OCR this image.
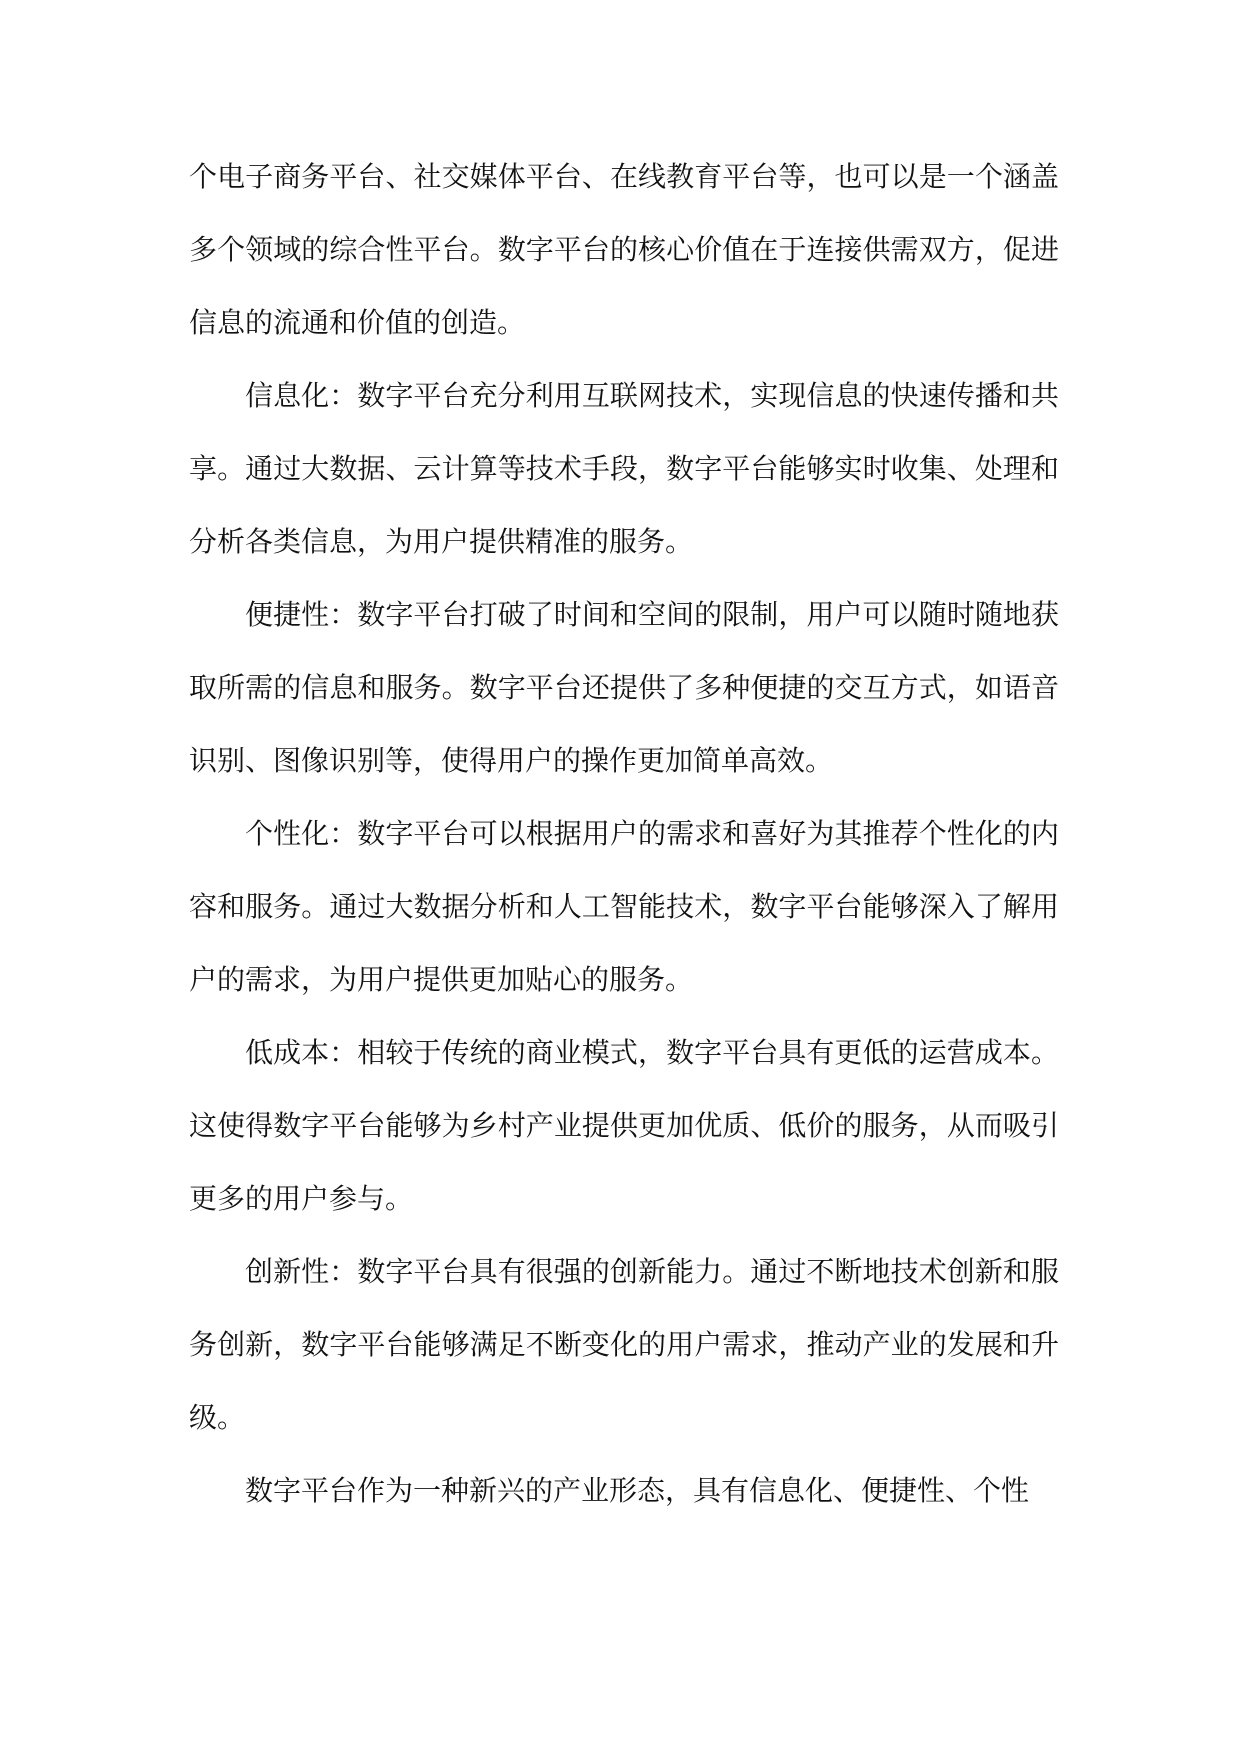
个电子商务平台、社交媒体平台、在线教育平台等，也可以是一个涵盖多个领域的综合性平台。数字平台的核心价值在于连接供需双方，促进信息的流通和价值的创造。

信息化：数字平台充分利用互联网技术，实现信息的快速传播和共享。通过大数据、云计算等技术手段，数字平台能够实时收集、处理和分析各类信息，为用户提供精准的服务。

便捷性：数字平台打破了时间和空间的限制，用户可以随时随地获取所需的信息和服务。数字平台还提供了多种便捷的交互方式，如语音识别、图像识别等，使得用户的操作更加简单高效。

个性化：数字平台可以根据用户的需求和喜好为其推荐个性化的内容和服务。通过大数据分析和人工智能技术，数字平台能够深入了解用户的需求，为用户提供更加贴心的服务。

低成本：相较于传统的商业模式，数字平台具有更低的运营成本。这使得数字平台能够为乡村产业提供更加优质、低价的服务，从而吸引更多的用户参与。

创新性：数字平台具有很强的创新能力。通过不断地技术创新和服务创新，数字平台能够满足不断变化的用户需求，推动产业的发展和升级。

数字平台作为一种新兴的产业形态，具有信息化、便捷性、个性
